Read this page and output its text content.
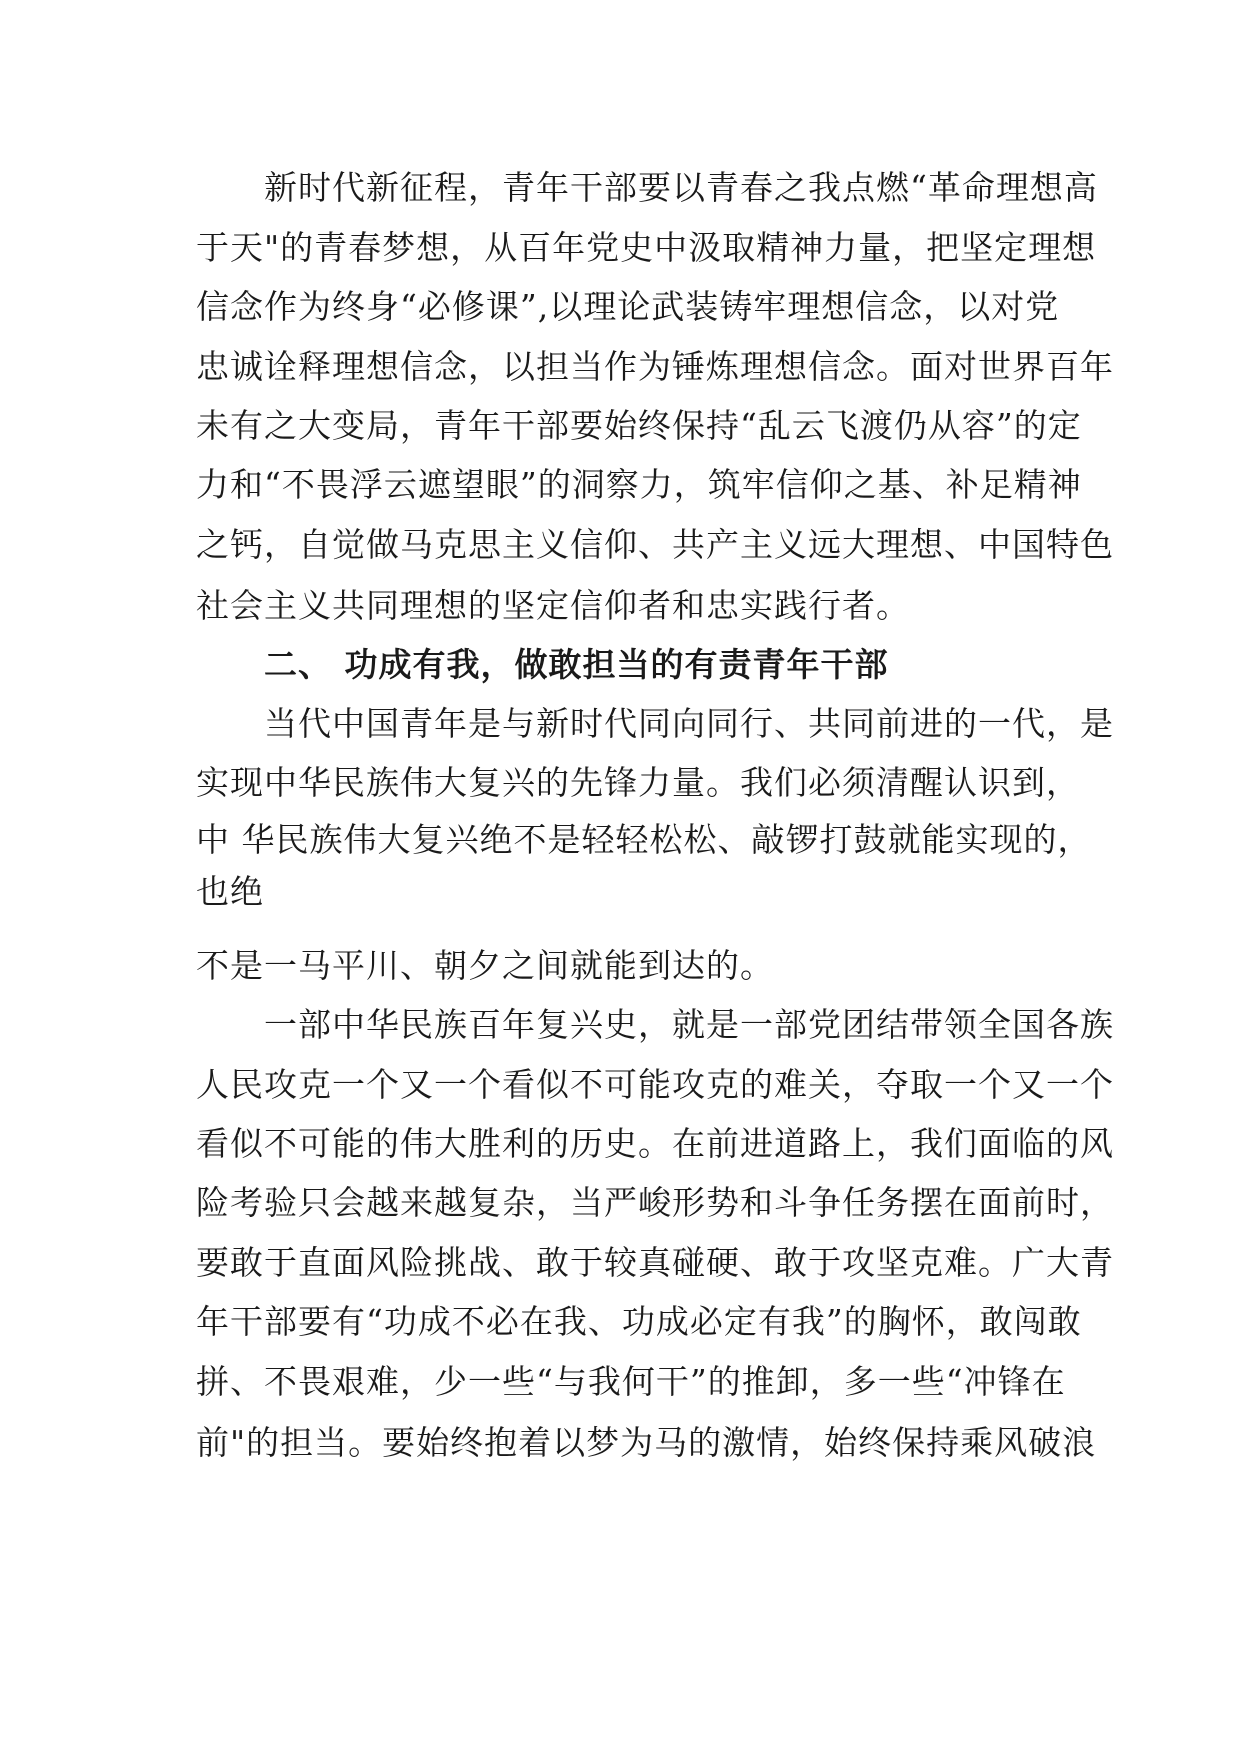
　　新时代新征程，青年干部要以青春之我点燃“革命理想高
于天"的青春梦想，从百年党史中汲取精神力量，把坚定理想
信念作为终身“必修课”,以理论武装铸牢理想信念，以对党
忠诚诠释理想信念，以担当作为锤炼理想信念。面对世界百年
未有之大变局，青年干部要始终保持“乱云飞渡仍从容”的定
力和“不畏浮云遮望眼”的洞察力，筑牢信仰之基、补足精神
之钙，自觉做马克思主义信仰、共产主义远大理想、中国特色
社会主义共同理想的坚定信仰者和忠实践行者。
　　二、 功成有我，做敢担当的有责青年干部
　　当代中国青年是与新时代同向同行、共同前进的一代，是
实现中华民族伟大复兴的先锋力量。我们必须清醒认识到，
中 华民族伟大复兴绝不是轻轻松松、敲锣打鼓就能实现的，
也绝
不是一马平川、朝夕之间就能到达的。
　　一部中华民族百年复兴史，就是一部党团结带领全国各族
人民攻克一个又一个看似不可能攻克的难关，夺取一个又一个
看似不可能的伟大胜利的历史。在前进道路上，我们面临的风
险考验只会越来越复杂，当严峻形势和斗争任务摆在面前时，
要敢于直面风险挑战、敢于较真碰硬、敢于攻坚克难。广大青
年干部要有“功成不必在我、功成必定有我”的胸怀，敢闯敢
拼、不畏艰难，少一些“与我何干”的推卸，多一些“冲锋在
前"的担当。要始终抱着以梦为马的激情，始终保持乘风破浪
